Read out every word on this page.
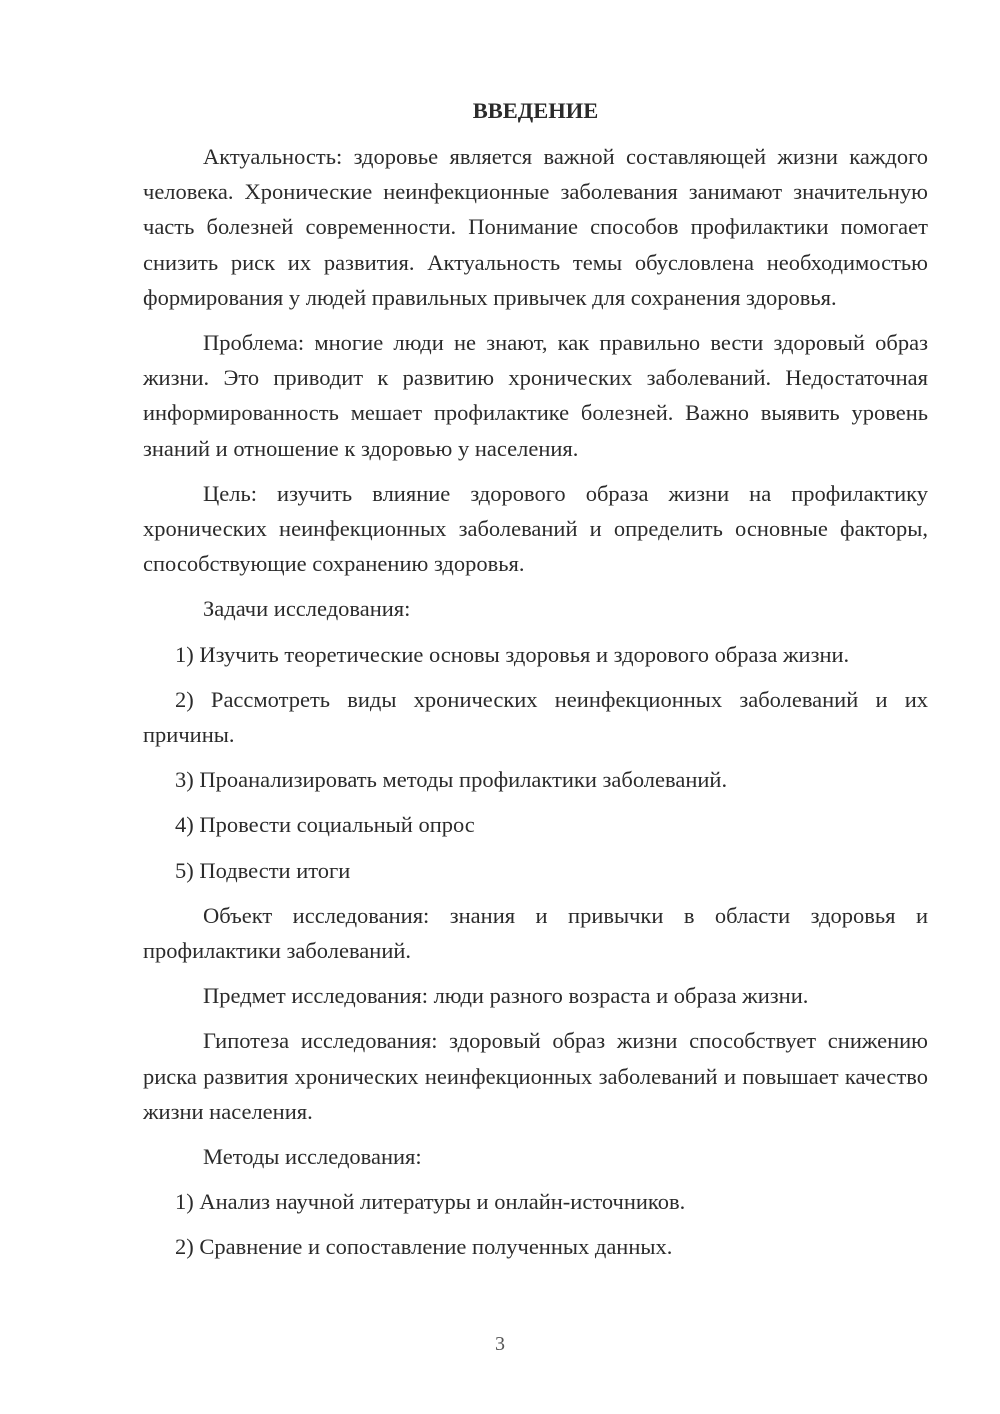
ВВЕДЕНИЕ

Актуальность: здоровье является важной составляющей жизни каждого человека. Хронические неинфекционные заболевания занимают значительную часть болезней современности. Понимание способов профилактики помогает снизить риск их развития. Актуальность темы обусловлена необходимостью формирования у людей правильных привычек для сохранения здоровья.

Проблема: многие люди не знают, как правильно вести здоровый образ жизни. Это приводит к развитию хронических заболеваний. Недостаточная информированность мешает профилактике болезней. Важно выявить уровень знаний и отношение к здоровью у населения.

Цель: изучить влияние здорового образа жизни на профилактику хронических неинфекционных заболеваний и определить основные факторы, способствующие сохранению здоровья.

Задачи исследования:

1) Изучить теоретические основы здоровья и здорового образа жизни.

2) Рассмотреть виды хронических неинфекционных заболеваний и их причины.

3) Проанализировать методы профилактики заболеваний.

4) Провести социальный опрос

5) Подвести итоги

Объект исследования: знания и привычки в области здоровья и профилактики заболеваний.

Предмет исследования: люди разного возраста и образа жизни.

Гипотеза исследования: здоровый образ жизни способствует снижению риска развития хронических неинфекционных заболеваний и повышает качество жизни населения.

Методы исследования:

1) Анализ научной литературы и онлайн-источников.

2) Сравнение и сопоставление полученных данных.

3
